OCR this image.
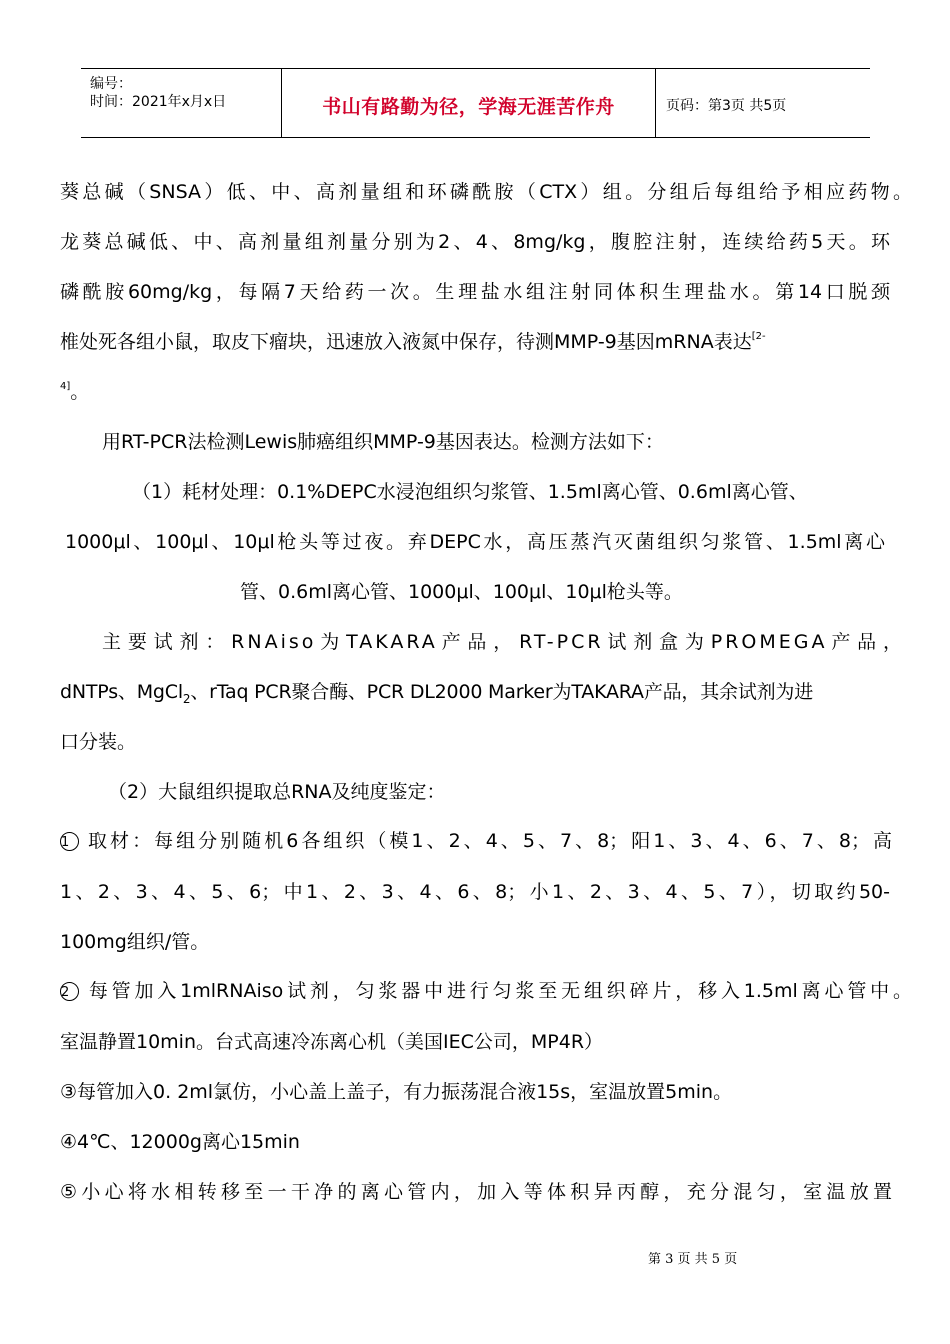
编号：
时间：2021年x月x日	书山有路勤为径，学海无涯苦作舟	页码：第3页 共5页
葵总碱（SNSA）低、中、高剂量组和环磷酰胺（CTX）组。分组后每组给予相应药物。
龙葵总碱低、中、高剂量组剂量分别为2、4、8mg/kg，腹腔注射，连续给药5天。环
磷酰胺60mg/kg，每隔7天给药一次。生理盐水组注射同体积生理盐水。第14口脱颈
椎处死各组小鼠，取皮下瘤块，迅速放入液氮中保存，待测MMP-9基因mRNA表达$^{[2-}$
$^{4]}$。
用RT-PCR法检测Lewis肺癌组织MMP-9基因表达。检测方法如下：
（1）耗材处理：0.1%DEPC水浸泡组织匀浆管、1.5ml离心管、0.6ml离心管、
1000μl、100μl、10μl枪头等过夜。弃DEPC水，高压蒸汽灭菌组织匀浆管、1.5ml离心
管、0.6ml离心管、1000μl、100μl、10μl枪头等。
主要试剂：RNAiso为TAKARA产品，RT-PCR试剂盒为PROMEGA产品，
dNTPs、MgCl$_2$、rTaq PCR聚合酶、PCR DL2000 Marker为TAKARA产品，其余试剂为进
口分装。
（2）大鼠组织提取总RNA及纯度鉴定：
1 取材：每组分别随机6各组织（模1、2、4、5、7、8；阳1、3、4、6、7、8；高
1、2、3、4、5、6；中1、2、3、4、6、8；小1、2、3、4、5、7），切取约50-
100mg组织/管。
2 每管加入1mlRNAiso试剂，匀浆器中进行匀浆至无组织碎片，移入1.5ml离心管中。
室温静置10min。台式高速冷冻离心机（美国IEC公司，MP4R）
③每管加入0. 2ml氯仿，小心盖上盖子，有力振荡混合液15s，室温放置5min。
④4℃、12000g离心15min
⑤小心将水相转移至一干净的离心管内，加入等体积异丙醇，充分混匀，室温放置
第 3 页 共 5 页
